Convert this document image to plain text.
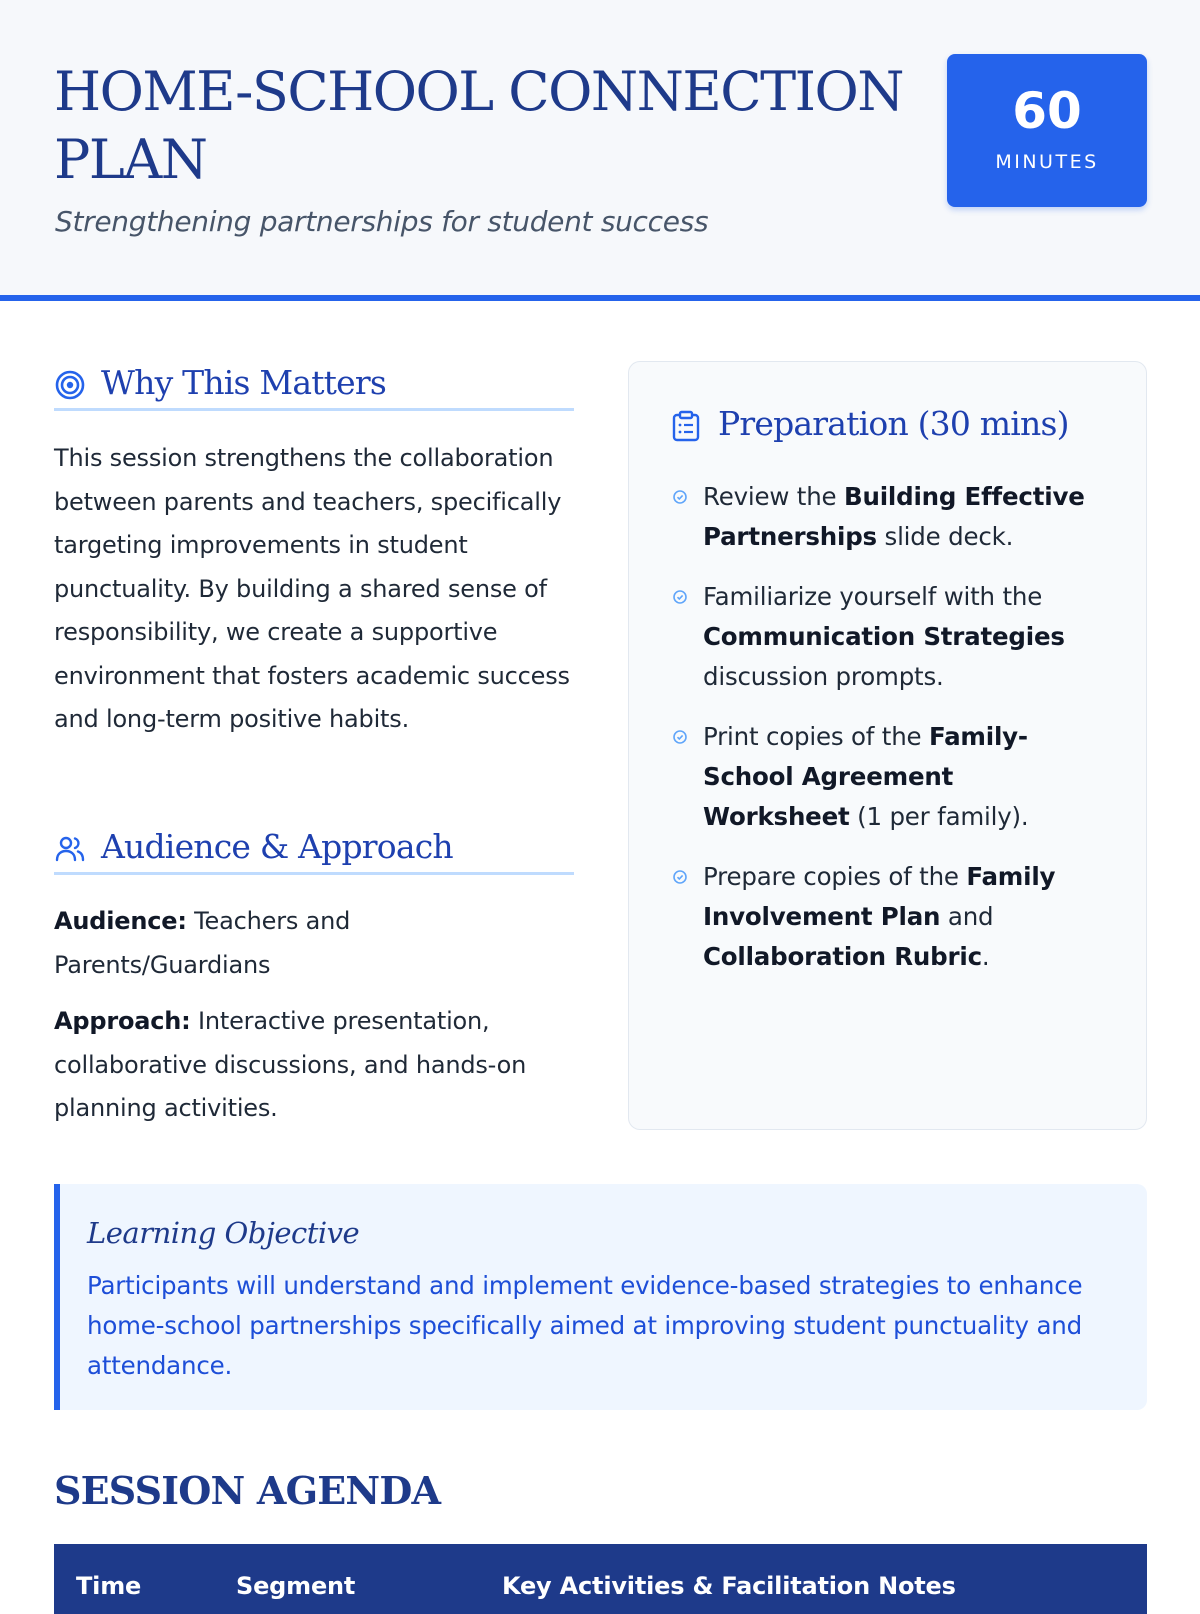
HOME-SCHOOL CONNECTION PLAN
Strengthening partnerships for student success
60
MINUTES
Why This Matters

This session strengthens the collaboration between parents and teachers, specifically targeting improvements in student punctuality. By building a shared sense of responsibility, we create a supportive environment that fosters academic success and long-term positive habits.

Audience & Approach

Audience: Teachers and Parents/Guardians

Approach: Interactive presentation, collaborative discussions, and hands-on planning activities.

Preparation (30 mins)
Review the Building Effective Partnerships slide deck.
Familiarize yourself with the Communication Strategies discussion prompts.
Print copies of the Family-School Agreement Worksheet (1 per family).
Prepare copies of the Family Involvement Plan and Collaboration Rubric.
Learning Objective

Participants will understand and implement evidence-based strategies to enhance home-school partnerships specifically aimed at improving student punctuality and attendance.

SESSION AGENDA
Time	Segment	Key Activities & Facilitation Notes
